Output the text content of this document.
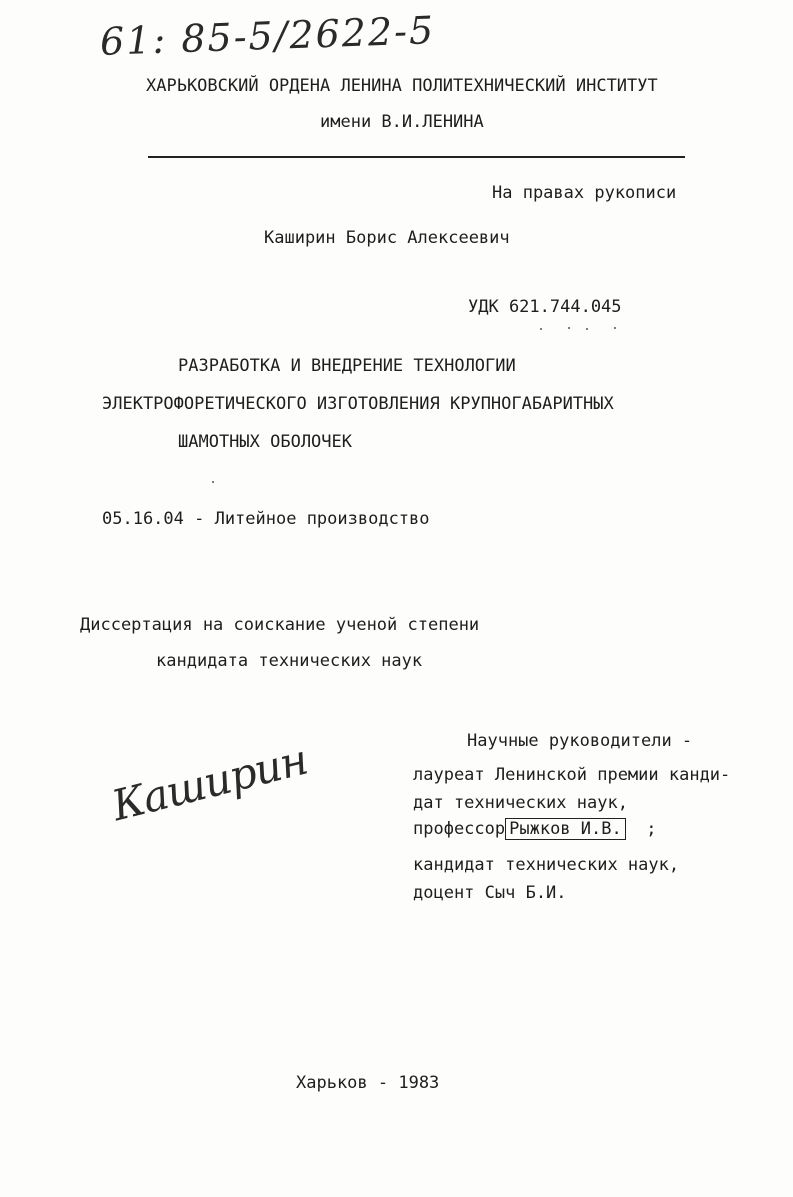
61: 85-5/2622-5
ХАРЬКОВСКИЙ ОРДЕНА ЛЕНИНА ПОЛИТЕХНИЧЕСКИЙ ИНСТИТУТ
имени В.И.ЛЕНИНА
На правах рукописи
Каширин Борис Алексеевич
УДК 621.744.045
РАЗРАБОТКА И ВНЕДРЕНИЕ ТЕХНОЛОГИИ
ЭЛЕКТРОФОРЕТИЧЕСКОГО ИЗГОТОВЛЕНИЯ КРУПНОГАБАРИТНЫХ
ШАМОТНЫХ ОБОЛОЧЕК
05.16.04 - Литейное производство
Диссертация на соискание ученой степени
кандидата технических наук
Научные руководители -
лауреат Ленинской премии канди-
дат технических наук,
профессор Рыжков И.В. ;
кандидат технических наук,
доцент Сыч Б.И.
Каширин
Харьков - 1983
